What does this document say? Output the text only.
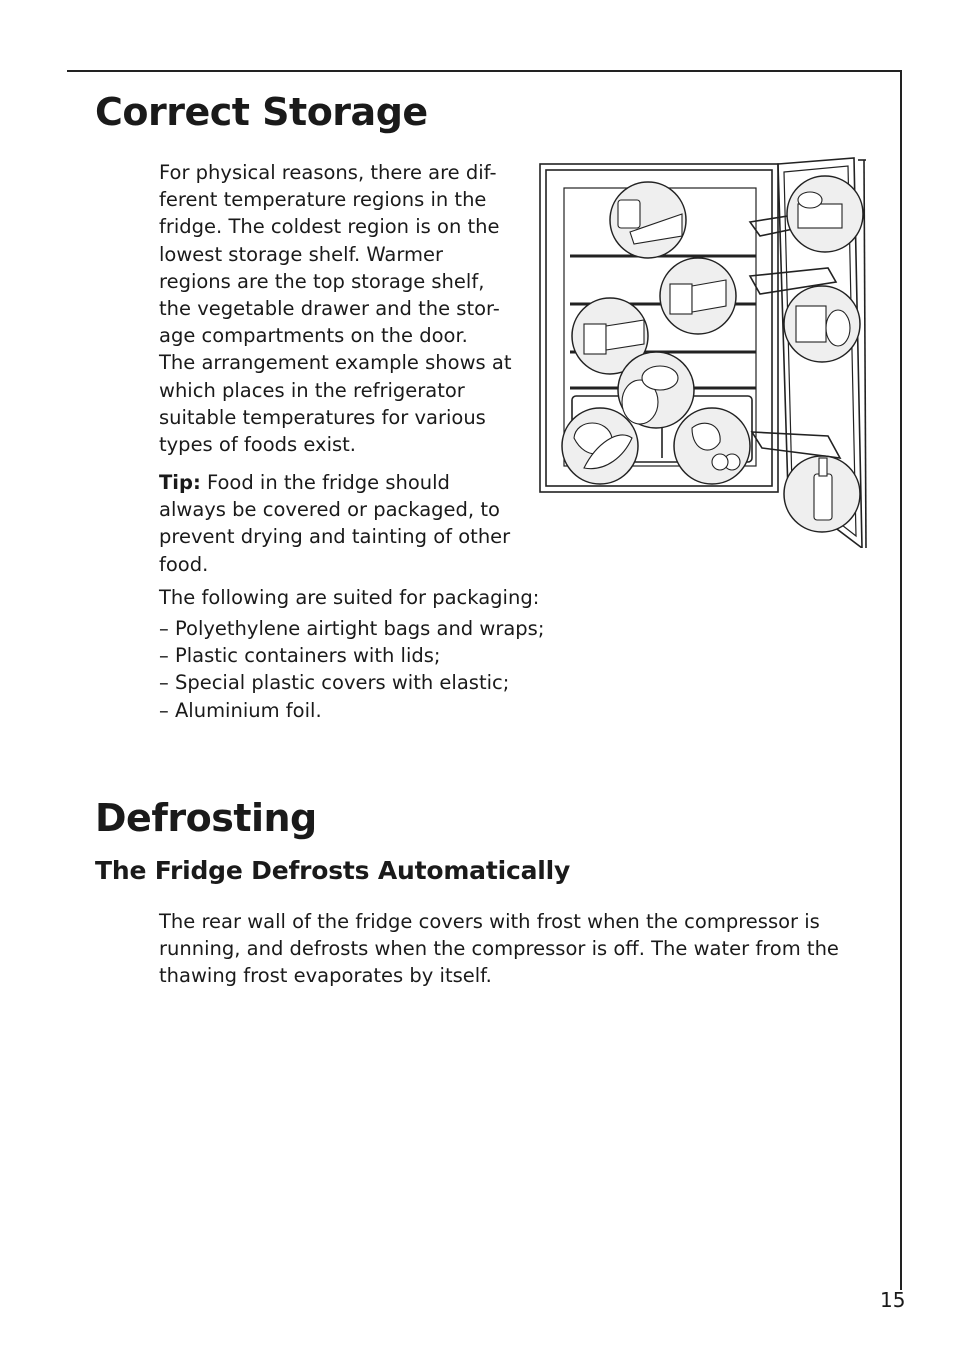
Correct Storage
For physical reasons, there are dif-
ferent temperature regions in the
fridge. The coldest region is on the
lowest storage shelf. Warmer
regions are the top storage shelf,
the vegetable drawer and the stor-
age compartments on the door.
The arrangement example shows at
which places in the refrigerator
suitable temperatures for various
types of foods exist.
Tip: Food in the fridge should
always be covered or packaged, to
prevent drying and tainting of other
food.

The following are suited for packaging:

– Polyethylene airtight bags and wraps;
– Plastic containers with lids;
– Special plastic covers with elastic;
– Aluminium foil.
Defrosting
The Fridge Defrosts Automatically
The rear wall of the fridge covers with frost when the compressor is
running, and defrosts when the compressor is off. The water from the
thawing frost evaporates by itself.
15
